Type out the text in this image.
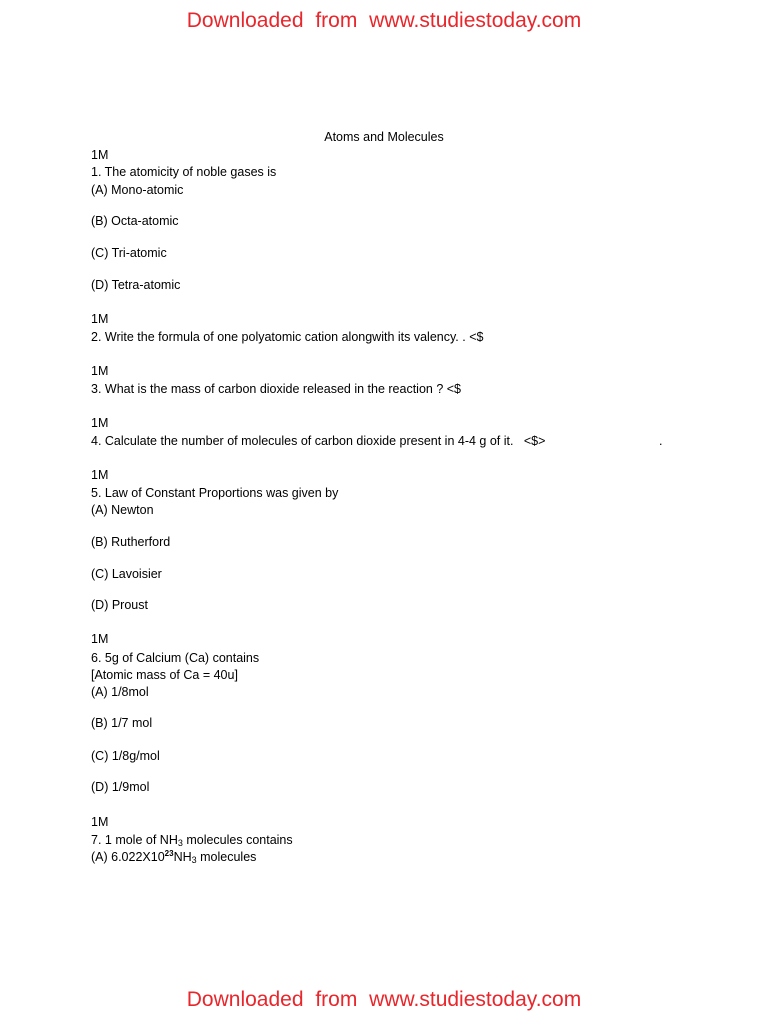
Downloaded from www.studiestoday.com
Atoms and Molecules
1M
1. The atomicity of noble gases is
(A) Mono-atomic
(B) Octa-atomic
(C) Tri-atomic
(D) Tetra-atomic
1M
2. Write the formula of one polyatomic cation alongwith its valency. . <$
1M
3. What is the mass of carbon dioxide released in the reaction ? <$
1M
4. Calculate the number of molecules of carbon dioxide present in 4-4 g of it.   <$>	.
1M
5. Law of Constant Proportions was given by
(A) Newton
(B) Rutherford
(C) Lavoisier
(D) Proust
1M
6. 5g of Calcium (Ca) contains
[Atomic mass of Ca = 40u]
(A) 1/8mol
(B) 1/7 mol
(C) 1/8g/mol
(D) 1/9mol
1M
7. 1 mole of NH3 molecules contains
(A) $6.022X10^{23}NH3$ molecules
Downloaded from www.studiestoday.com
